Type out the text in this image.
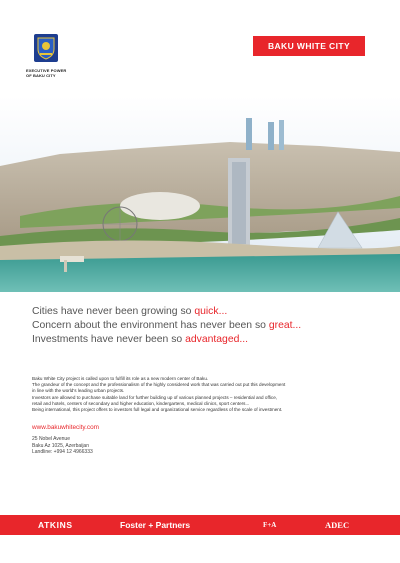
EXECUTIVE POWER
OF BAKU CITY
BAKU WHITE CITY
Cities have never been growing so quick...
Concern about the environment has never been so great...
Investments have never been so advantaged...

Baku White City project is called upon to fulfill its role as a new modern center of Baku.

The grandeur of the concept and the professionalism of the highly considered work that was carried out put this development

in line with the world's leading urban projects.

Investors are allowed to purchase suitable land for further building up of various planned projects – residential and office,

retail and hotels, centers of secondary and higher education, kindergartens, medical clinics, sport centers...

Being international, this project offers to investors full legal and organizational service regardless of the scale of investment.

www.bakuwhitecity.com
25 Nobel Avenue
Baku Az 1025, Azerbaijan
Landline: +994 12 4966333
ATKINS	Foster + Partners	F+A	ADEC
